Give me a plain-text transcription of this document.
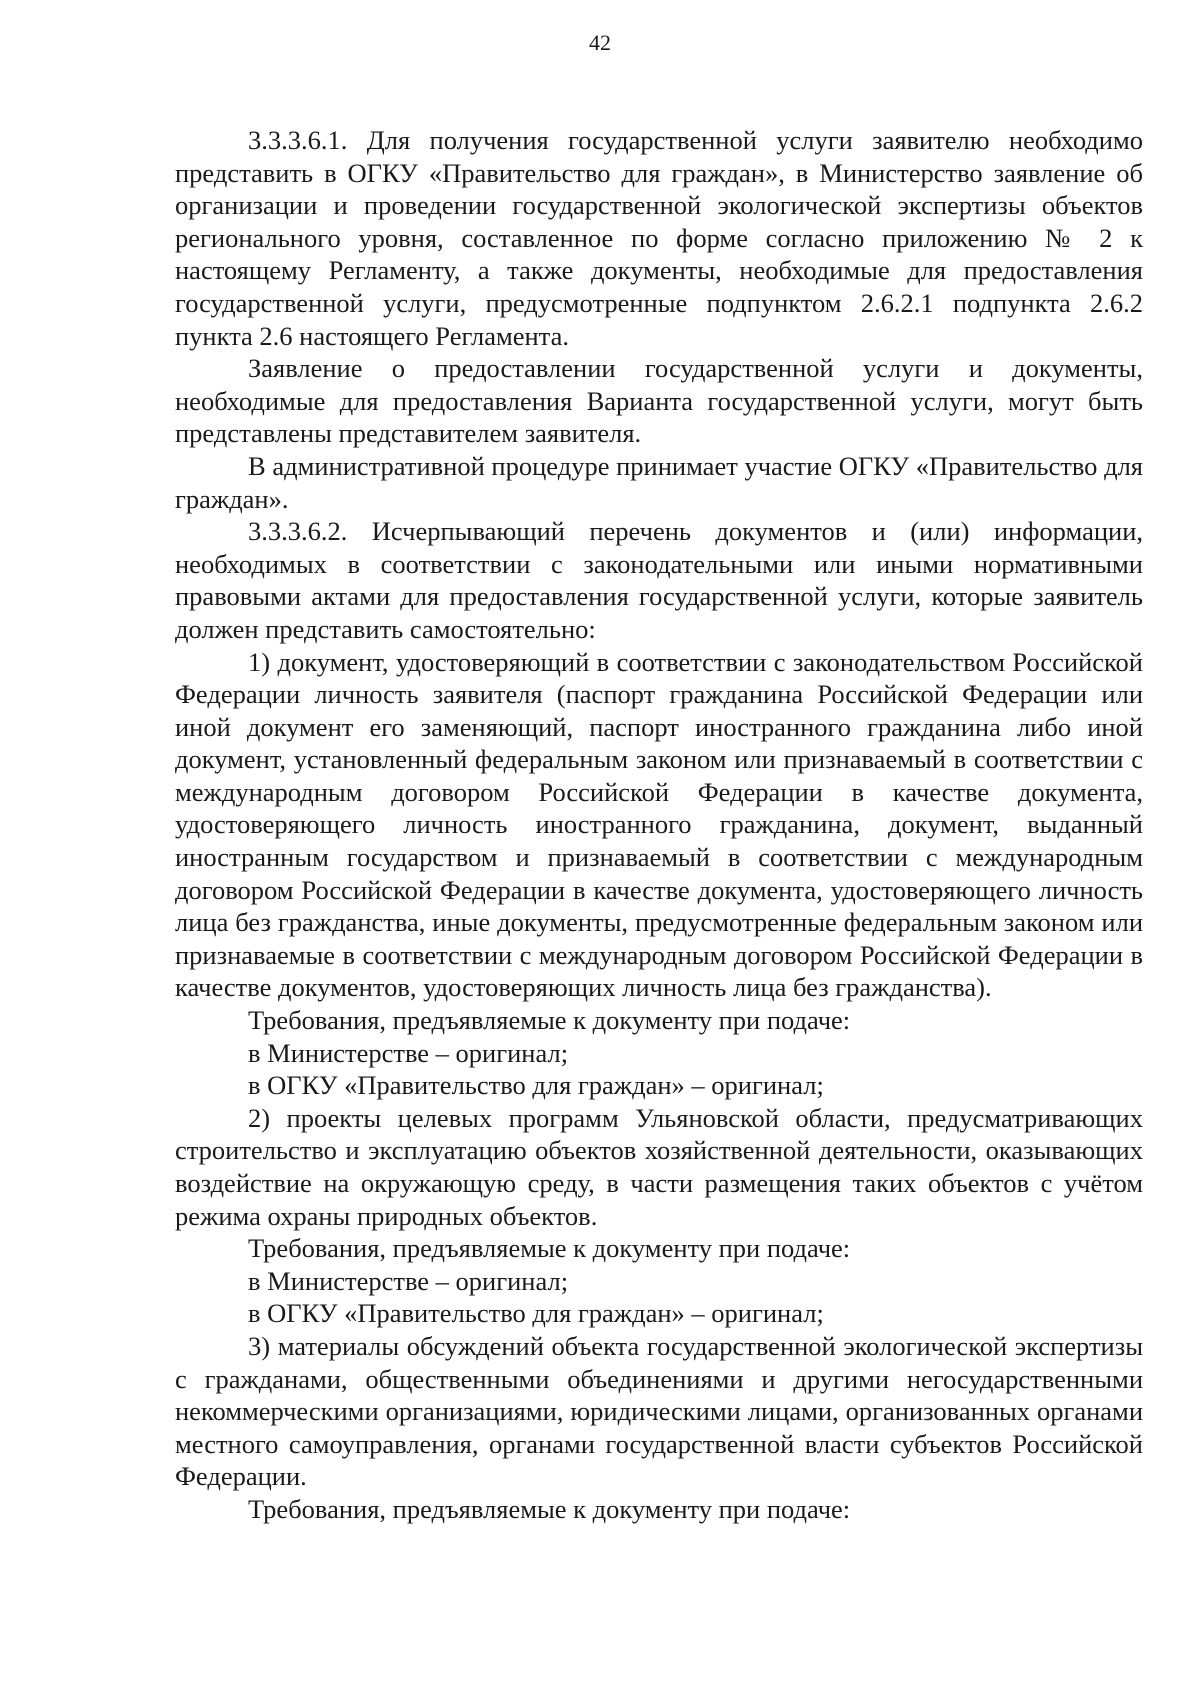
42

3.3.3.6.1. Для получения государственной услуги заявителю необходимо представить в ОГКУ «Правительство для граждан», в Министерство заявление об организации и проведении государственной экологической экспертизы объектов регионального уровня, составленное по форме согласно приложению № 2 к настоящему Регламенту, а также документы, необходимые для предоставления государственной услуги, предусмотренные подпунктом 2.6.2.1 подпункта 2.6.2 пункта 2.6 настоящего Регламента.

Заявление о предоставлении государственной услуги и документы, необходимые для предоставления Варианта государственной услуги, могут быть представлены представителем заявителя.

В административной процедуре принимает участие ОГКУ «Правительство для граждан».

3.3.3.6.2. Исчерпывающий перечень документов и (или) информации, необходимых в соответствии с законодательными или иными нормативными правовыми актами для предоставления государственной услуги, которые заявитель должен представить самостоятельно:

1) документ, удостоверяющий в соответствии с законодательством Российской Федерации личность заявителя (паспорт гражданина Российской Федерации или иной документ его заменяющий, паспорт иностранного гражданина либо иной документ, установленный федеральным законом или признаваемый в соответствии с международным договором Российской Федерации в качестве документа, удостоверяющего личность иностранного гражданина, документ, выданный иностранным государством и признаваемый в соответствии с международным договором Российской Федерации в качестве документа, удостоверяющего личность лица без гражданства, иные документы, предусмотренные федеральным законом или признаваемые в соответствии с международным договором Российской Федерации в качестве документов, удостоверяющих личность лица без гражданства).

Требования, предъявляемые к документу при подаче:

в Министерстве – оригинал;

в ОГКУ «Правительство для граждан» – оригинал;

2) проекты целевых программ Ульяновской области, предусматривающих строительство и эксплуатацию объектов хозяйственной деятельности, оказывающих воздействие на окружающую среду, в части размещения таких объектов с учётом режима охраны природных объектов.

Требования, предъявляемые к документу при подаче:

в Министерстве – оригинал;

в ОГКУ «Правительство для граждан» – оригинал;

3) материалы обсуждений объекта государственной экологической экспертизы с гражданами, общественными объединениями и другими негосударственными некоммерческими организациями, юридическими лицами, организованных органами местного самоуправления, органами государственной власти субъектов Российской Федерации.

Требования, предъявляемые к документу при подаче:
